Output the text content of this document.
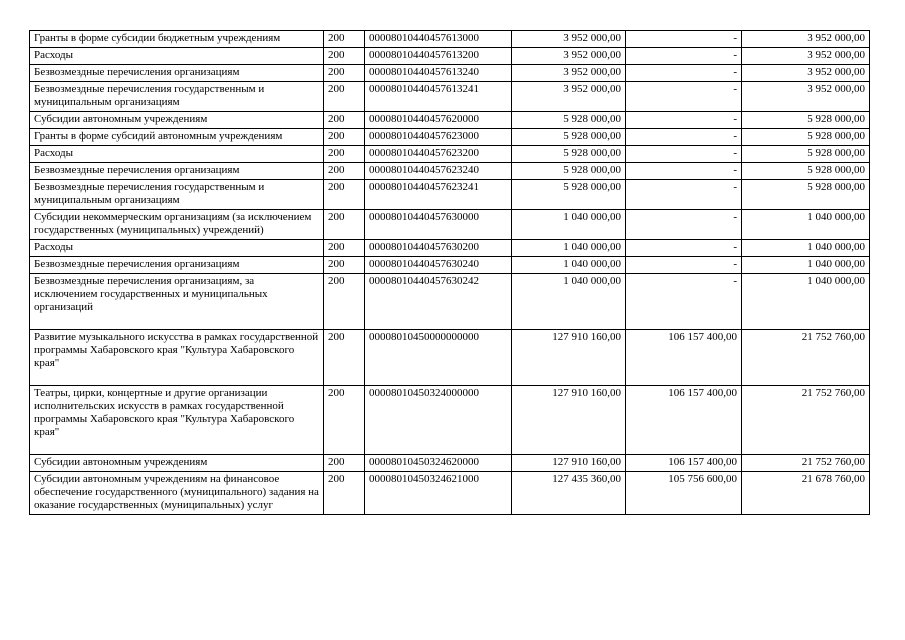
Гранты в форме субсидии бюджетным учреждениям	200	00008010440457613000	3 952 000,00	-	3 952 000,00
Расходы	200	00008010440457613200	3 952 000,00	-	3 952 000,00
Безвозмездные перечисления организациям	200	00008010440457613240	3 952 000,00	-	3 952 000,00
Безвозмездные перечисления государственным и муниципальным организациям	200	00008010440457613241	3 952 000,00	-	3 952 000,00
Субсидии автономным учреждениям	200	00008010440457620000	5 928 000,00	-	5 928 000,00
Гранты в форме субсидий автономным учреждениям	200	00008010440457623000	5 928 000,00	-	5 928 000,00
Расходы	200	00008010440457623200	5 928 000,00	-	5 928 000,00
Безвозмездные перечисления организациям	200	00008010440457623240	5 928 000,00	-	5 928 000,00
Безвозмездные перечисления государственным и муниципальным организациям	200	00008010440457623241	5 928 000,00	-	5 928 000,00
Субсидии некоммерческим организациям (за исключением государственных (муниципальных) учреждений)	200	00008010440457630000	1 040 000,00	-	1 040 000,00
Расходы	200	00008010440457630200	1 040 000,00	-	1 040 000,00
Безвозмездные перечисления организациям	200	00008010440457630240	1 040 000,00	-	1 040 000,00
Безвозмездные перечисления организациям, за исключением государственных и муниципальных организаций	200	00008010440457630242	1 040 000,00	-	1 040 000,00
Развитие музыкального искусства в рамках государственной программы Хабаровского края "Культура Хабаровского края"	200	00008010450000000000	127 910 160,00	106 157 400,00	21 752 760,00
Театры, цирки, концертные и другие организации исполнительских искусств в рамках государственной программы Хабаровского края "Культура Хабаровского края"	200	00008010450324000000	127 910 160,00	106 157 400,00	21 752 760,00
Субсидии автономным учреждениям	200	00008010450324620000	127 910 160,00	106 157 400,00	21 752 760,00
Субсидии автономным учреждениям на финансовое обеспечение государственного (муниципального) задания на оказание государственных (муниципальных) услуг	200	00008010450324621000	127 435 360,00	105 756 600,00	21 678 760,00
